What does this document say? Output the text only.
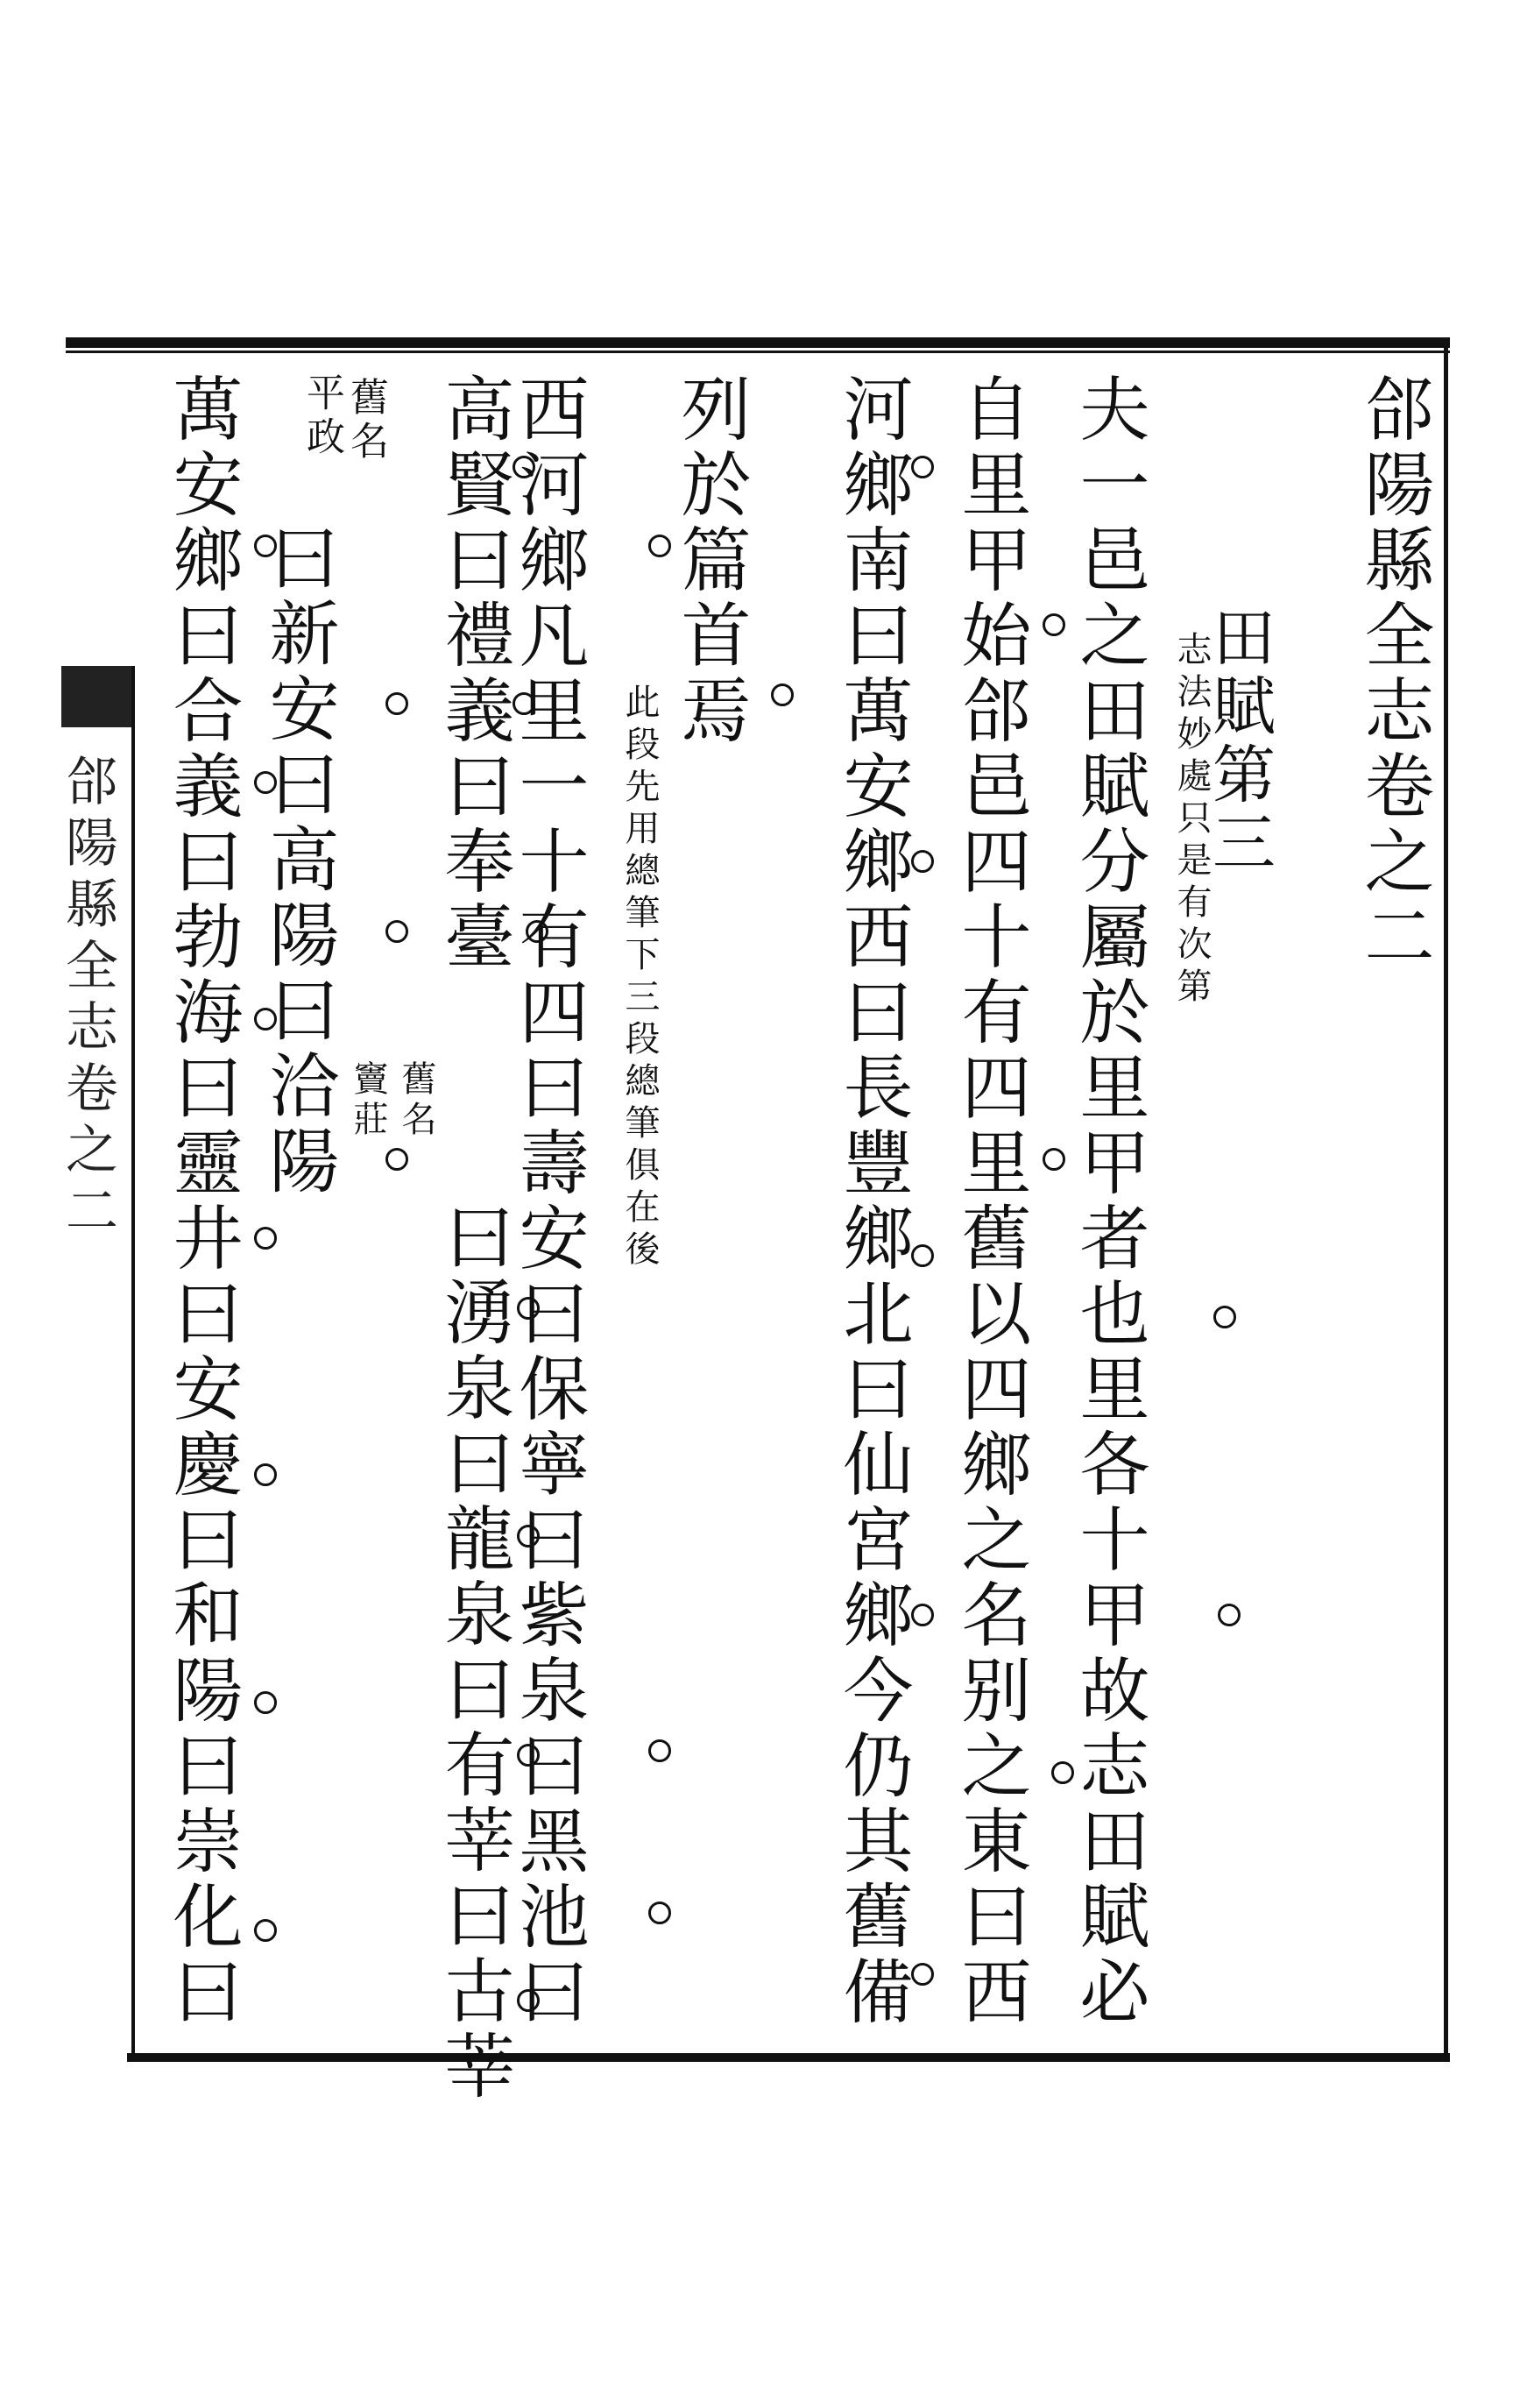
郃陽縣全志卷之二
郃陽縣全志卷之二
田賦第三
志法妙處只是有次第
夫一邑之田賦分屬於里甲者也里各十甲故志田賦必
自里甲始郃邑四十有四里舊以四鄉之名别之東曰西
河鄉南曰萬安鄉西曰長豐鄉北曰仙宮鄉今仍其舊備
列於篇首焉
此段先用總筆下三段總筆俱在後
西河鄉凡里一十有四曰壽安曰保寧曰紫泉曰黑池曰
高賢曰禮義曰奉臺
舊名
竇莊
曰湧泉曰龍泉曰有莘曰古莘
舊名
平政
曰新安曰高陽曰洽陽
萬安鄉曰合義曰勃海曰靈井曰安慶曰和陽曰崇化曰
